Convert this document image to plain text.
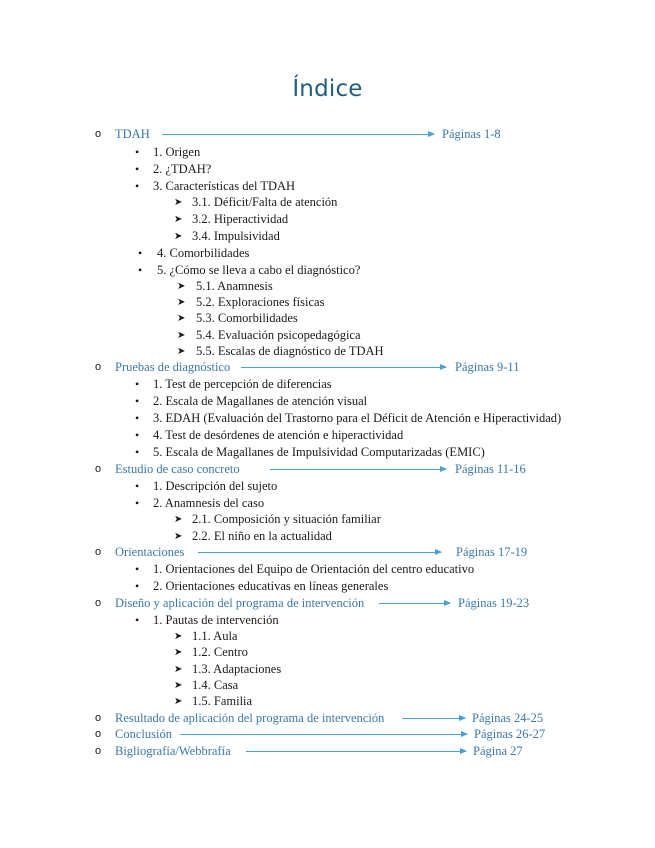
Índice
o TDAH	Páginas 1-8
• 1. Origen
• 2. ¿TDAH?
• 3. Características del TDAH
➤ 3.1. Déficit/Falta de atención
➤ 3.2. Hiperactividad
➤ 3.4. Impulsividad
• 4. Comorbilidades
• 5. ¿Cómo se lleva a cabo el diagnóstico?
➤ 5.1. Anamnesis
➤ 5.2. Exploraciones físicas
➤ 5.3. Comorbilidades
➤ 5.4. Evaluación psicopedagógica
➤ 5.5. Escalas de diagnóstico de TDAH
o Pruebas de diagnóstico	Páginas 9-11
• 1. Test de percepción de diferencias
• 2. Escala de Magallanes de atención visual
• 3. EDAH (Evaluación del Trastorno para el Déficit de Atención e Hiperactividad)
• 4. Test de desórdenes de atención e hiperactividad
• 5. Escala de Magallanes de Impulsividad Computarizadas (EMIC)
o Estudio de caso concreto	Páginas 11-16
• 1. Descripción del sujeto
• 2. Anamnesis del caso
➤ 2.1. Composición y situación familiar
➤ 2.2. El niño en la actualidad
o Orientaciones	Páginas 17-19
• 1. Orientaciones del Equipo de Orientación del centro educativo
• 2. Orientaciones educativas en líneas generales
o Diseño y aplicación del programa de intervención	Páginas 19-23
• 1. Pautas de intervención
➤ 1.1. Aula
➤ 1.2. Centro
➤ 1.3. Adaptaciones
➤ 1.4. Casa
➤ 1.5. Familia
o Resultado de aplicación del programa de intervención	Páginas 24-25
o Conclusión	Páginas 26-27
o Bigliografía/Webbrafía	Página 27
